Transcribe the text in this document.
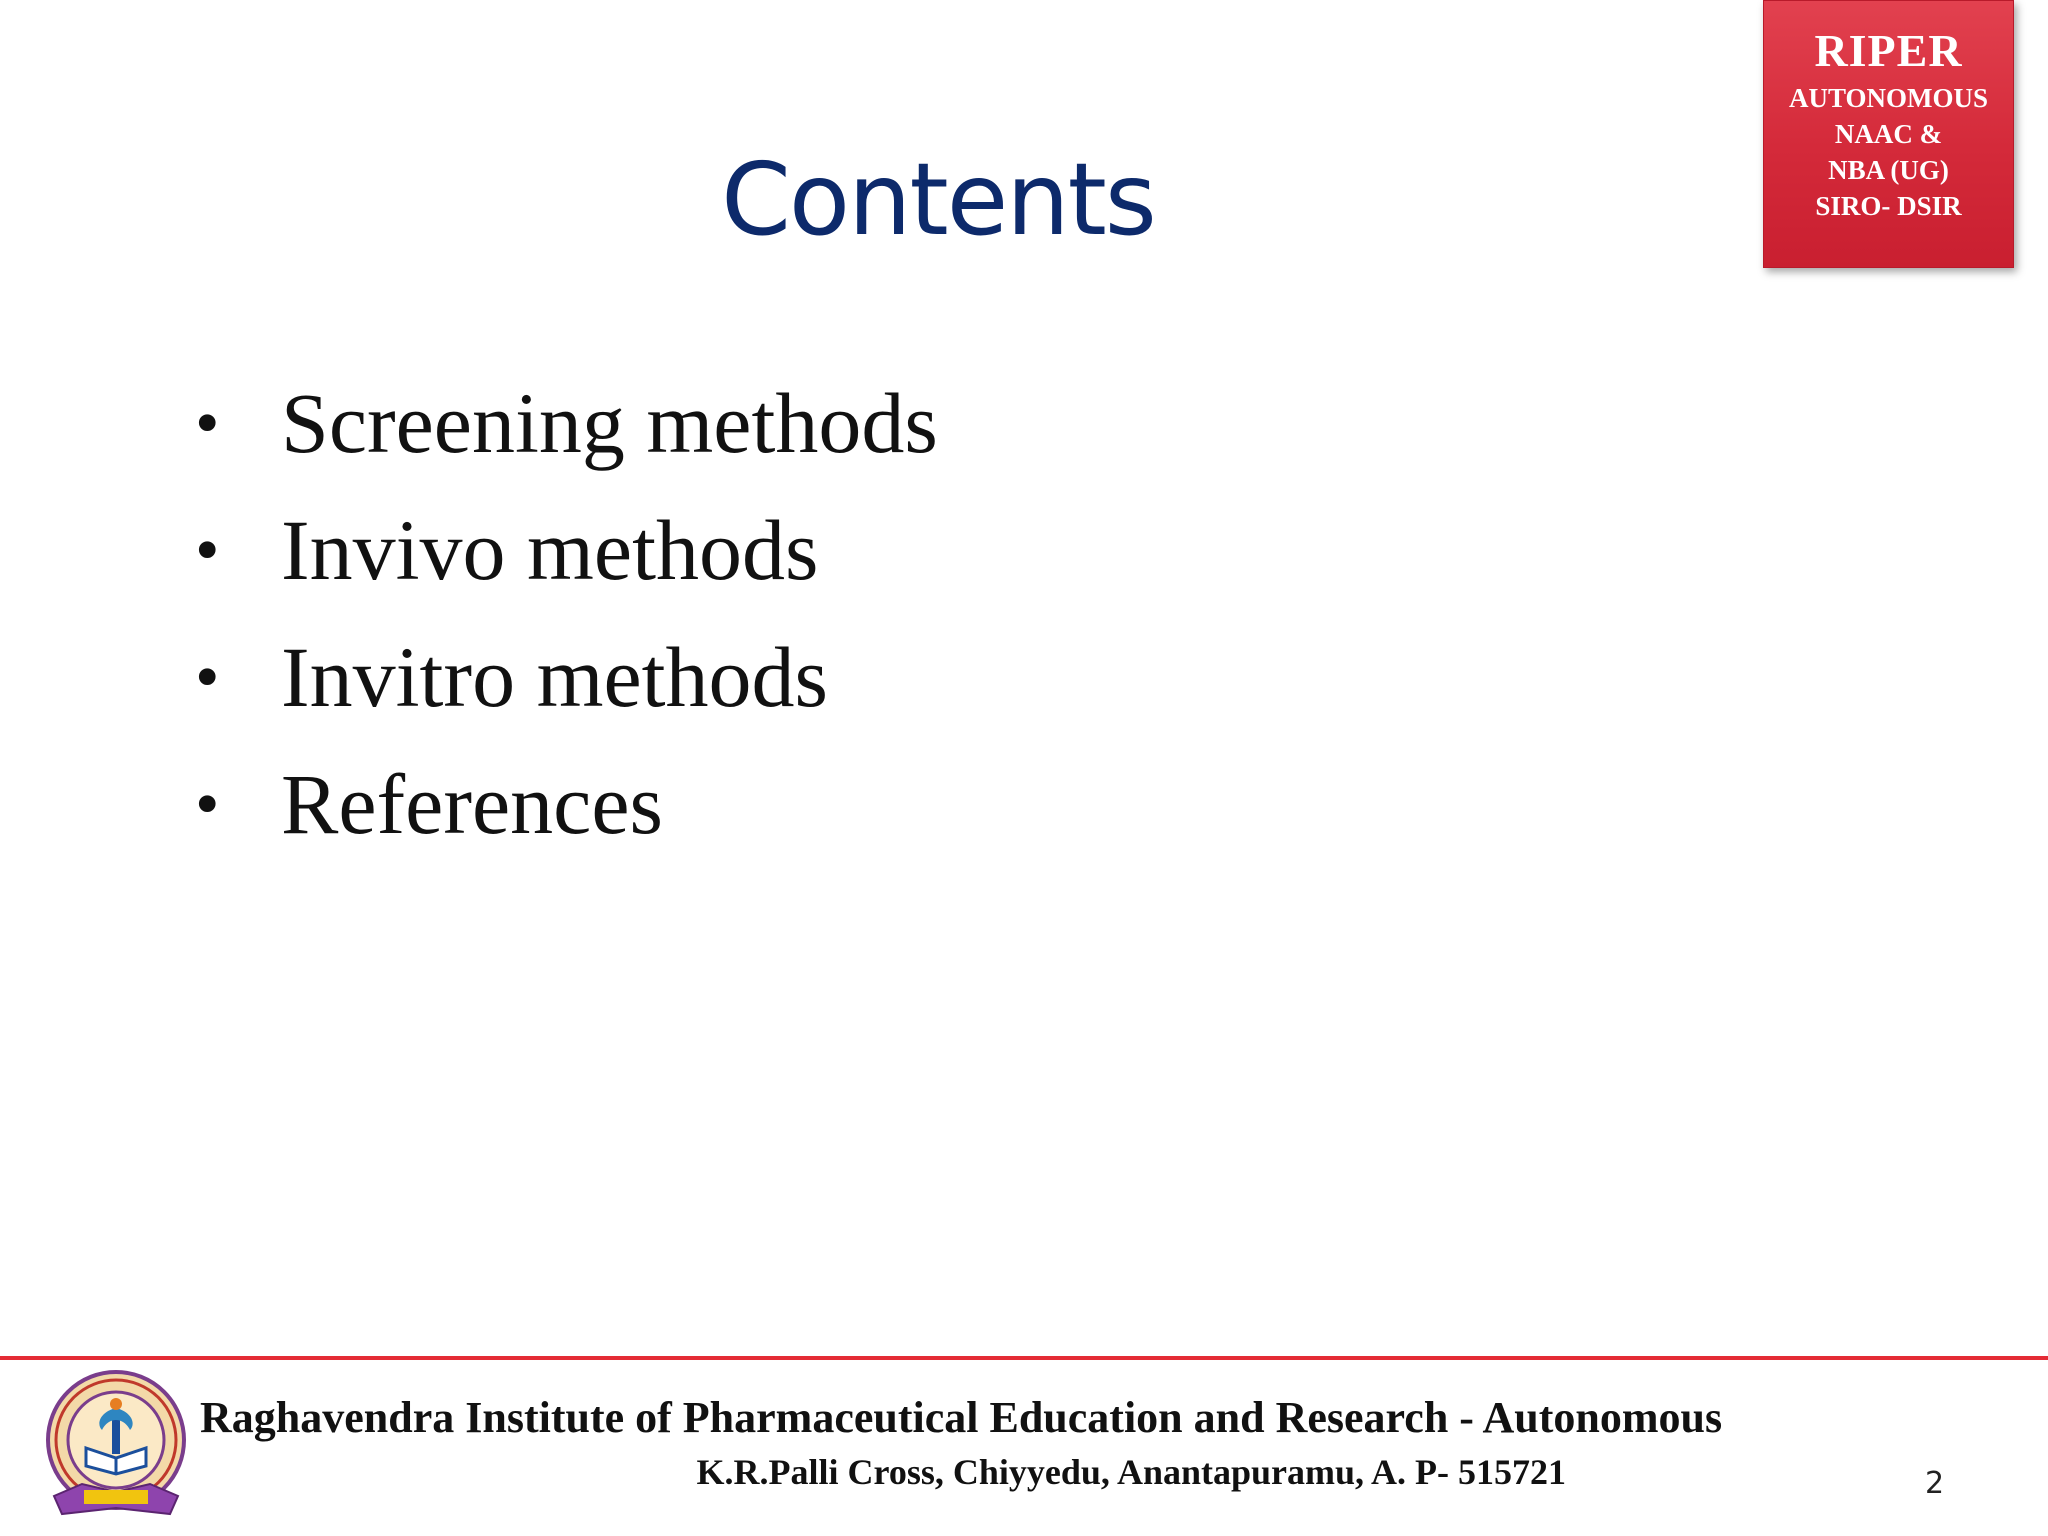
RIPER
AUTONOMOUS
NAAC &
NBA (UG)
SIRO- DSIR
Contents
• Screening methods
• Invivo methods
• Invitro methods
• References
Raghavendra Institute of Pharmaceutical Education and Research - Autonomous
K.R.Palli Cross, Chiyyedu, Anantapuramu, A. P- 515721	2
